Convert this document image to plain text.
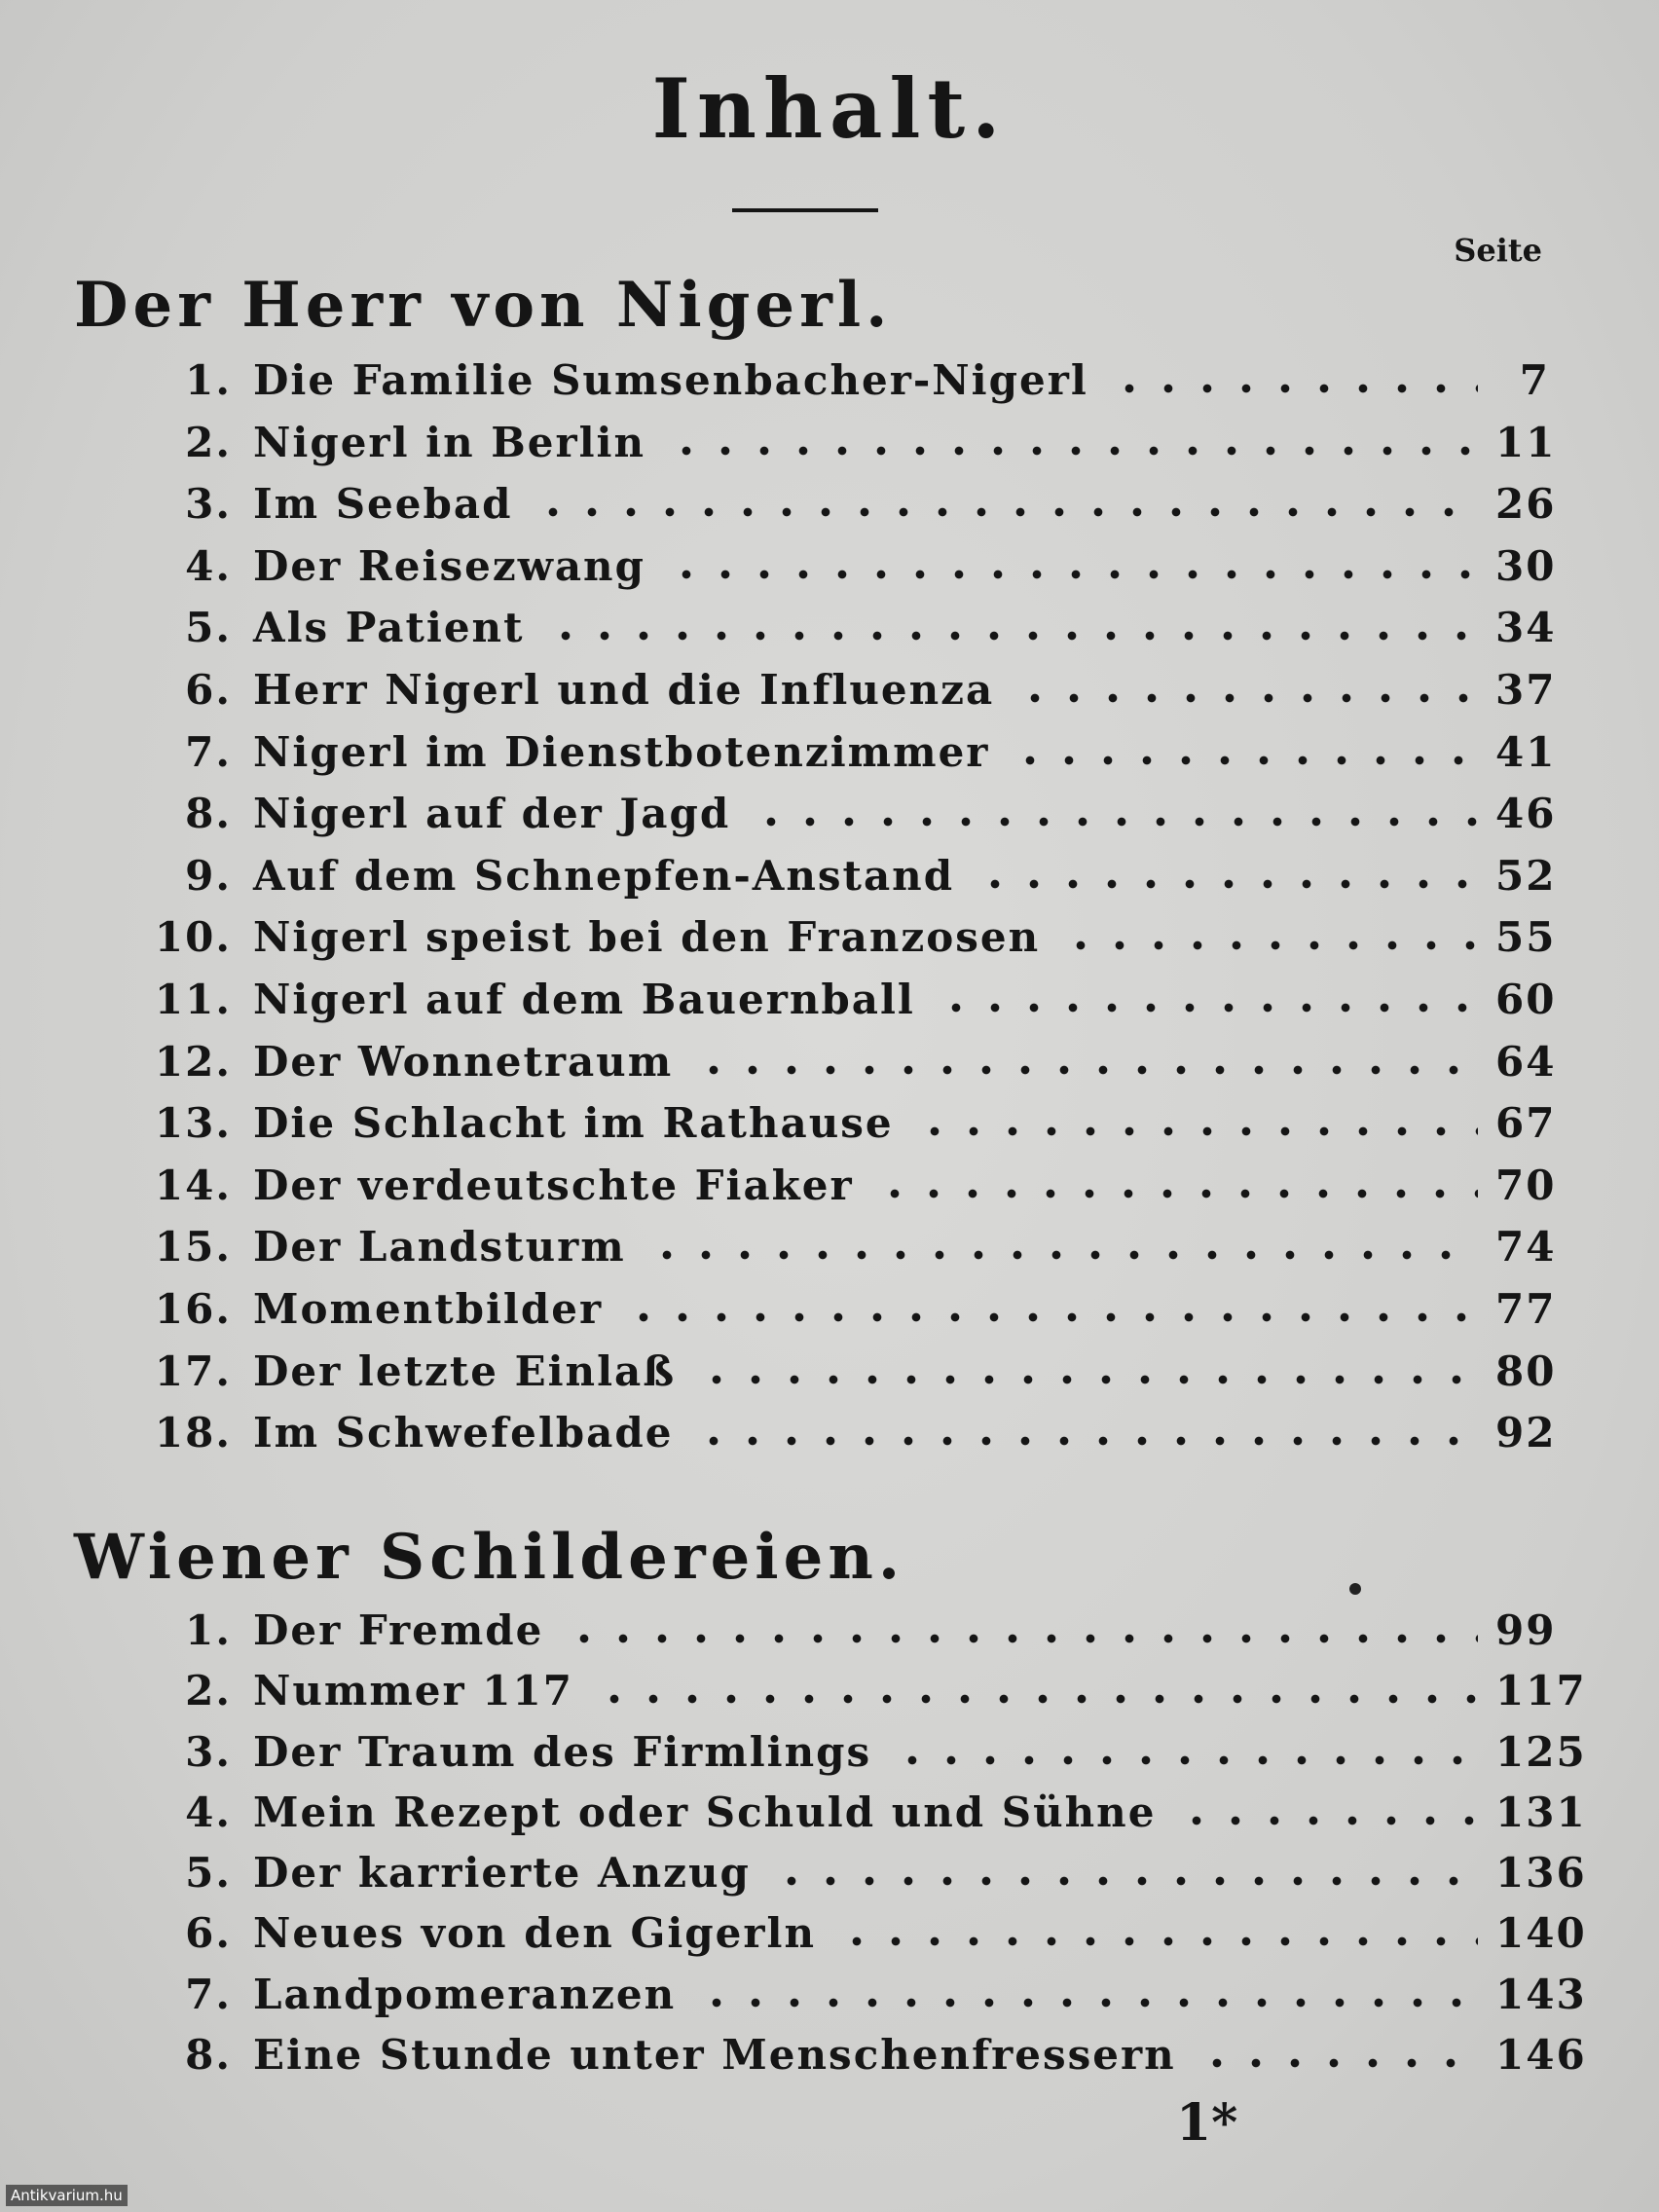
Inhalt.
Seite
Der Herr von Nigerl.
1. Die Familie Sumsenbacher-Nigerl	7
2. Nigerl in Berlin	11
3. Im Seebad	26
4. Der Reisezwang	30
5. Als Patient	34
6. Herr Nigerl und die Influenza	37
7. Nigerl im Dienstbotenzimmer	41
8. Nigerl auf der Jagd	46
9. Auf dem Schnepfen-Anstand	52
10. Nigerl speist bei den Franzosen	55
11. Nigerl auf dem Bauernball	60
12. Der Wonnetraum	64
13. Die Schlacht im Rathause	67
14. Der verdeutschte Fiaker	70
15. Der Landsturm	74
16. Momentbilder	77
17. Der letzte Einlaß	80
18. Im Schwefelbade	92
Wiener Schildereien.
1. Der Fremde	99
2. Nummer 117	117
3. Der Traum des Firmlings	125
4. Mein Rezept oder Schuld und Sühne	131
5. Der karrierte Anzug	136
6. Neues von den Gigerln	140
7. Landpomeranzen	143
8. Eine Stunde unter Menschenfressern	146
1*
Antikvarium.hu
